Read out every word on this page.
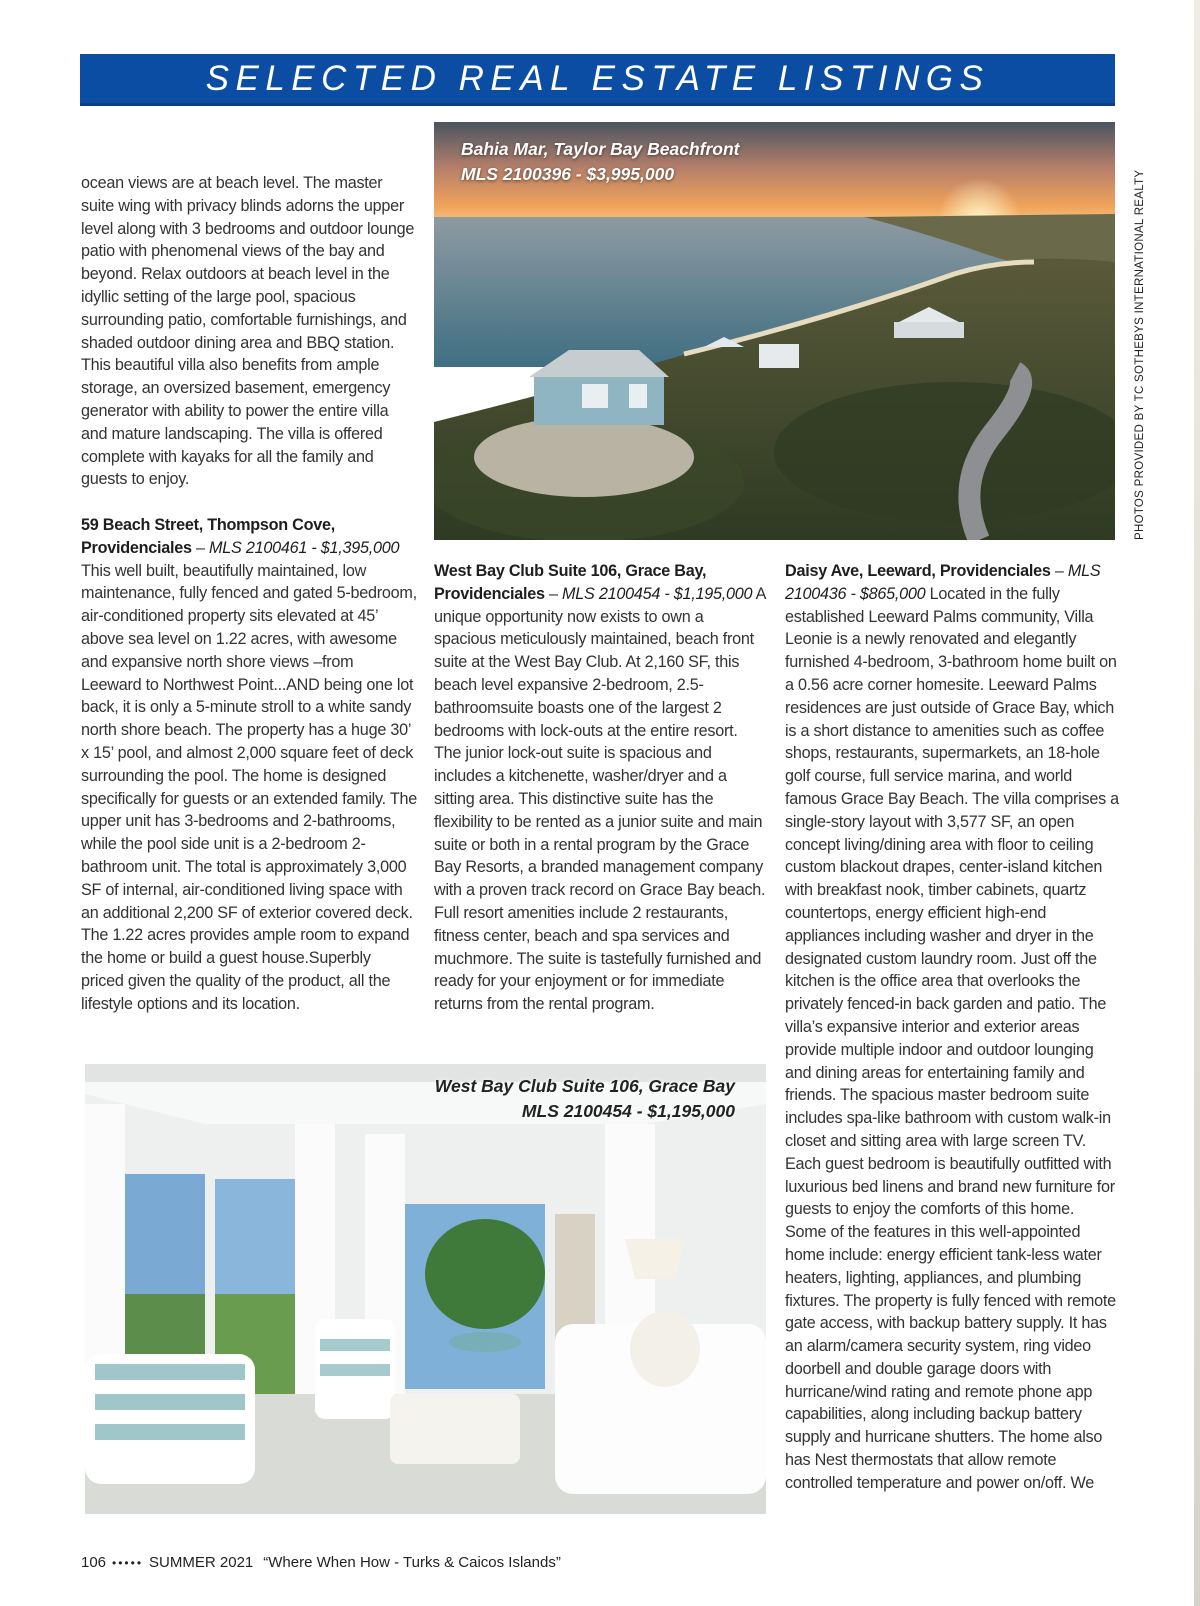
SELECTED REAL ESTATE LISTINGS
Bahia Mar, Taylor Bay Beachfront
MLS 2100396 - $3,995,000	PHOTOS PROVIDED BY TC SOTHEBYS INTERNATIONAL REALTY

ocean views are at beach level. The master suite wing with privacy blinds adorns the upper level along with 3 bedrooms and outdoor lounge patio with phenomenal views of the bay and beyond. Relax outdoors at beach level in the idyllic setting of the large pool, spacious surrounding patio, comfortable furnishings, and shaded outdoor dining area and BBQ station. This beautiful villa also benefits from ample storage, an oversized basement, emergency generator with ability to power the entire villa and mature landscaping. The villa is offered complete with kayaks for all the family and guests to enjoy.

59 Beach Street, Thompson Cove, Providenciales – MLS 2100461 - $1,395,000 This well built, beautifully maintained, low maintenance, fully fenced and gated 5-bedroom, air-conditioned property sits elevated at 45’ above sea level on 1.22 acres, with awesome and expansive north shore views –from Leeward to Northwest Point...AND being one lot back, it is only a 5-minute stroll to a white sandy north shore beach. The property has a huge 30’ x 15’ pool, and almost 2,000 square feet of deck surrounding the pool. The home is designed specifically for guests or an extended family. The upper unit has 3-bedrooms and 2-bathrooms, while the pool side unit is a 2-bedroom 2-bathroom unit. The total is approximately 3,000 SF of internal, air-conditioned living space with an additional 2,200 SF of exterior covered deck. The 1.22 acres provides ample room to expand the home or build a guest house.Superbly priced given the quality of the product, all the lifestyle options and its location.

West Bay Club Suite 106, Grace Bay, Providenciales – MLS 2100454 - $1,195,000 A unique opportunity now exists to own a spacious meticulously maintained, beach front suite at the West Bay Club. At 2,160 SF, this beach level expansive 2-bedroom, 2.5-bathroomsuite boasts one of the largest 2 bedrooms with lock-outs at the entire resort. The junior lock-out suite is spacious and includes a kitchenette, washer/dryer and a sitting area. This distinctive suite has the flexibility to be rented as a junior suite and main suite or both in a rental program by the Grace Bay Resorts, a branded management company with a proven track record on Grace Bay beach. Full resort amenities include 2 restaurants, fitness center, beach and spa services and muchmore. The suite is tastefully furnished and ready for your enjoyment or for immediate returns from the rental program.

Daisy Ave, Leeward, Providenciales – MLS 2100436 - $865,000 Located in the fully established Leeward Palms community, Villa Leonie is a newly renovated and elegantly furnished 4-bedroom, 3-bathroom home built on a 0.56 acre corner homesite. Leeward Palms residences are just outside of Grace Bay, which is a short distance to amenities such as coffee shops, restaurants, supermarkets, an 18-hole golf course, full service marina, and world famous Grace Bay Beach. The villa comprises a single-story layout with 3,577 SF, an open concept living/dining area with floor to ceiling custom blackout drapes, center-island kitchen with breakfast nook, timber cabinets, quartz countertops, energy efficient high-end appliances including washer and dryer in the designated custom laundry room. Just off the kitchen is the office area that overlooks the privately fenced-in back garden and patio. The villa’s expansive interior and exterior areas provide multiple indoor and outdoor lounging and dining areas for entertaining family and friends. The spacious master bedroom suite includes spa-like bathroom with custom walk-in closet and sitting area with large screen TV. Each guest bedroom is beautifully outfitted with luxurious bed linens and brand new furniture for guests to enjoy the comforts of this home. Some of the features in this well-appointed home include: energy efficient tank-less water heaters, lighting, appliances, and plumbing fixtures. The property is fully fenced with remote gate access, with backup battery supply. It has an alarm/camera security system, ring video doorbell and double garage doors with hurricane/wind rating and remote phone app capabilities, along including backup battery supply and hurricane shutters. The home also has Nest thermostats that allow remote controlled temperature and power on/off. We

West Bay Club Suite 106, Grace Bay
MLS 2100454 - $1,195,000
106 ••••• SUMMER 2021 “Where When How - Turks & Caicos Islands”
